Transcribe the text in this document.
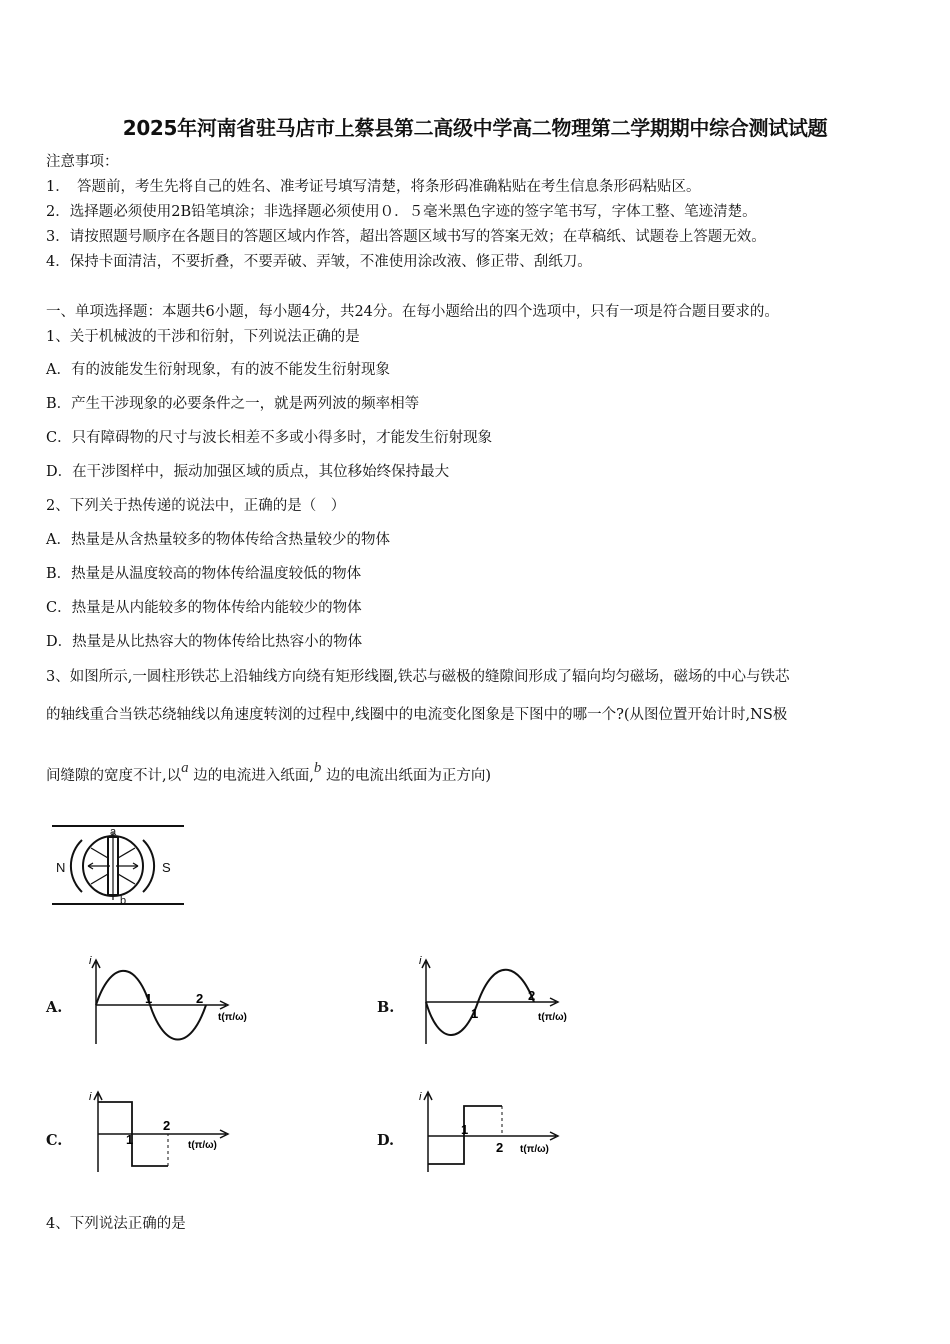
2025年河南省驻马店市上蔡县第二高级中学高二物理第二学期期中综合测试试题
注意事项：
1．　答题前，考生先将自己的姓名、准考证号填写清楚，将条形码准确粘贴在考生信息条形码粘贴区。
2．选择题必须使用2B铅笔填涂；非选择题必须使用０．５毫米黑色字迹的签字笔书写，字体工整、笔迹清楚。
3．请按照题号顺序在各题目的答题区域内作答，超出答题区域书写的答案无效；在草稿纸、试题卷上答题无效。
4．保持卡面清洁，不要折叠，不要弄破、弄皱，不准使用涂改液、修正带、刮纸刀。
一、单项选择题：本题共6小题，每小题4分，共24分。在每小题给出的四个选项中，只有一项是符合题目要求的。
1、关于机械波的干涉和衍射，下列说法正确的是
A．有的波能发生衍射现象，有的波不能发生衍射现象
B．产生干涉现象的必要条件之一，就是两列波的频率相等
C．只有障碍物的尺寸与波长相差不多或小得多时，才能发生衍射现象
D．在干涉图样中，振动加强区域的质点，其位移始终保持最大
2、下列关于热传递的说法中，正确的是（　）
A．热量是从含热量较多的物体传给含热量较少的物体
B．热量是从温度较高的物体传给温度较低的物体
C．热量是从内能较多的物体传给内能较少的物体
D．热量是从比热容大的物体传给比热容小的物体
3、如图所示,一圆柱形铁芯上沿轴线方向绕有矩形线圈,铁芯与磁极的缝隙间形成了辐向均匀磁场，磁场的中心与铁芯
的轴线重合当铁芯绕轴线以角速度转浏的过程中,线圈中的电流变化图象是下图中的哪一个?(从图位置开始计时,NS极
间缝隙的宽度不计,以a 边的电流进入纸面,b 边的电流出纸面为正方向)
N	S
a
b
A.	B.
C.	D.
i
1	2
t(π/ω)
i
1
2
t(π/ω)
i
1
2
t(π/ω)
i
1
2 t(π/ω)
4、下列说法正确的是
